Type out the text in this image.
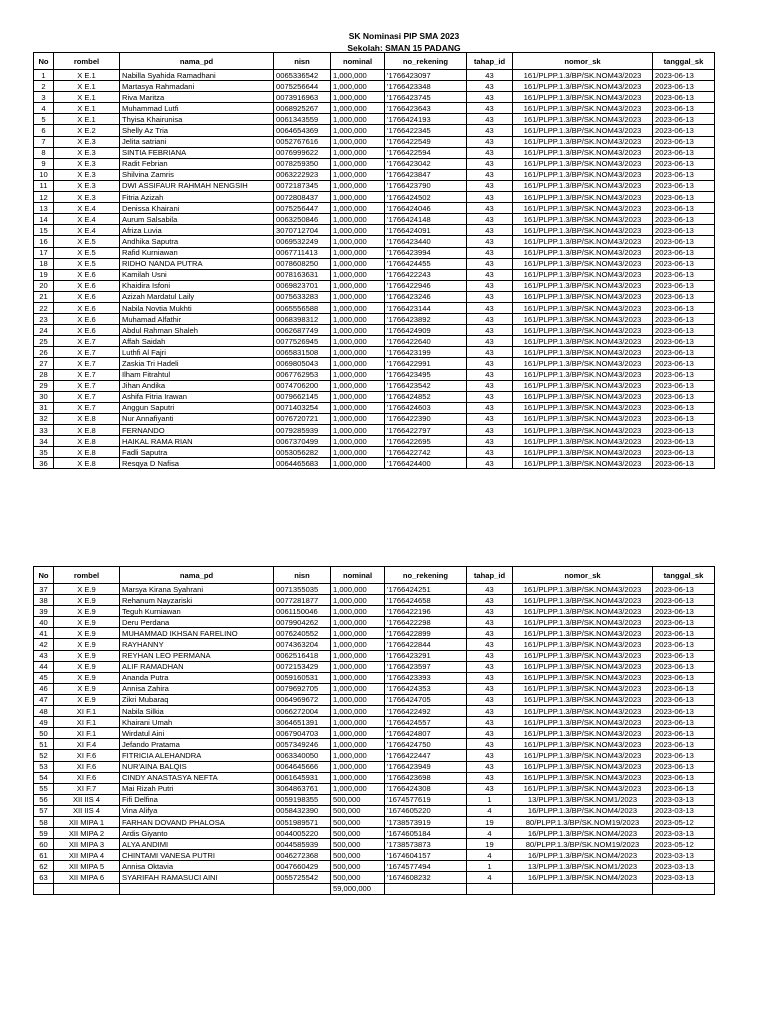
SK Nominasi PIP SMA 2023
Sekolah: SMAN 15 PADANG
No	rombel	nama_pd	nisn	nominal	no_rekening	tahap_id	nomor_sk	tanggal_sk
1	X E.1	Nabilla Syahida Ramadhani	0065336542	1,000,000	'1766423097	43	161/PLPP.1.3/BP/SK.NOM43/2023	2023-06-13
2	X E.1	Martasya Rahmadani	0075256644	1,000,000	'1766423348	43	161/PLPP.1.3/BP/SK.NOM43/2023	2023-06-13
3	X E.1	Riva Maritza	0073916963	1,000,000	'1766423745	43	161/PLPP.1.3/BP/SK.NOM43/2023	2023-06-13
4	X E.1	Muhammad Lutfi	0068925267	1,000,000	'1766423643	43	161/PLPP.1.3/BP/SK.NOM43/2023	2023-06-13
5	X E.1	Thyisa Khairunisa	0061343559	1,000,000	'1766424193	43	161/PLPP.1.3/BP/SK.NOM43/2023	2023-06-13
6	X E.2	Shelly Az Tria	0064654369	1,000,000	'1766422345	43	161/PLPP.1.3/BP/SK.NOM43/2023	2023-06-13
7	X E.3	Jelita satriani	0052767616	1,000,000	'1766422549	43	161/PLPP.1.3/BP/SK.NOM43/2023	2023-06-13
8	X E.3	SINTIA FEBRIANA	0076999622	1,000,000	'1766422594	43	161/PLPP.1.3/BP/SK.NOM43/2023	2023-06-13
9	X E.3	Radit Febrian	0078259350	1,000,000	'1766423042	43	161/PLPP.1.3/BP/SK.NOM43/2023	2023-06-13
10	X E.3	Shilvina Zamris	0063222923	1,000,000	'1766423847	43	161/PLPP.1.3/BP/SK.NOM43/2023	2023-06-13
11	X E.3	DWI ASSIFAUR RAHMAH NENGSIH	0072187345	1,000,000	'1766423790	43	161/PLPP.1.3/BP/SK.NOM43/2023	2023-06-13
12	X E.3	Fitria Azizah	0072808437	1,000,000	'1766424502	43	161/PLPP.1.3/BP/SK.NOM43/2023	2023-06-13
13	X E.4	Denissa Khairani	0075256447	1,000,000	'1766424046	43	161/PLPP.1.3/BP/SK.NOM43/2023	2023-06-13
14	X E.4	Aurum Salsabila	0063250846	1,000,000	'1766424148	43	161/PLPP.1.3/BP/SK.NOM43/2023	2023-06-13
15	X E.4	Afriza Luvia	3070712704	1,000,000	'1766424091	43	161/PLPP.1.3/BP/SK.NOM43/2023	2023-06-13
16	X E.5	Andhika Saputra	0069532249	1,000,000	'1766423440	43	161/PLPP.1.3/BP/SK.NOM43/2023	2023-06-13
17	X E.5	Rafid Kurniawan	0067711413	1,000,000	'1766423994	43	161/PLPP.1.3/BP/SK.NOM43/2023	2023-06-13
18	X E.5	RIDHO NANDA PUTRA	0078608250	1,000,000	'1766424455	43	161/PLPP.1.3/BP/SK.NOM43/2023	2023-06-13
19	X E.6	Kamilah Usni	0078163631	1,000,000	'1766422243	43	161/PLPP.1.3/BP/SK.NOM43/2023	2023-06-13
20	X E.6	Khaidira Isfoni	0069823701	1,000,000	'1766422946	43	161/PLPP.1.3/BP/SK.NOM43/2023	2023-06-13
21	X E.6	Azizah Mardatul Laily	0075633283	1,000,000	'1766423246	43	161/PLPP.1.3/BP/SK.NOM43/2023	2023-06-13
22	X E.6	Nabila Novtia Mukhti	0065556588	1,000,000	'1766423144	43	161/PLPP.1.3/BP/SK.NOM43/2023	2023-06-13
23	X E.6	Muhamad Alfathir	0068398312	1,000,000	'1766423892	43	161/PLPP.1.3/BP/SK.NOM43/2023	2023-06-13
24	X E.6	Abdul Rahman Shaleh	0062687749	1,000,000	'1766424909	43	161/PLPP.1.3/BP/SK.NOM43/2023	2023-06-13
25	X E.7	Affah Saidah	0077526945	1,000,000	'1766422640	43	161/PLPP.1.3/BP/SK.NOM43/2023	2023-06-13
26	X E.7	Luthfi Al Fajri	0065831508	1,000,000	'1766423199	43	161/PLPP.1.3/BP/SK.NOM43/2023	2023-06-13
27	X E.7	Zaskia Tri Hadeli	0069805043	1,000,000	'1766422991	43	161/PLPP.1.3/BP/SK.NOM43/2023	2023-06-13
28	X E.7	Ilham Fitrahtul	0067762953	1,000,000	'1766423495	43	161/PLPP.1.3/BP/SK.NOM43/2023	2023-06-13
29	X E.7	Jihan Andika	0074706200	1,000,000	'1766423542	43	161/PLPP.1.3/BP/SK.NOM43/2023	2023-06-13
30	X E.7	Ashifa Fitria Irawan	0079662145	1,000,000	'1766424852	43	161/PLPP.1.3/BP/SK.NOM43/2023	2023-06-13
31	X E.7	Anggun Saputri	0071403254	1,000,000	'1766424603	43	161/PLPP.1.3/BP/SK.NOM43/2023	2023-06-13
32	X E.8	Nur Annafiyanti	0076720721	1,000,000	'1766422390	43	161/PLPP.1.3/BP/SK.NOM43/2023	2023-06-13
33	X E.8	FERNANDO	0079285939	1,000,000	'1766422797	43	161/PLPP.1.3/BP/SK.NOM43/2023	2023-06-13
34	X E.8	HAIKAL RAMA RIAN	0067370499	1,000,000	'1766422695	43	161/PLPP.1.3/BP/SK.NOM43/2023	2023-06-13
35	X E.8	Fadli Saputra	0053056282	1,000,000	'1766422742	43	161/PLPP.1.3/BP/SK.NOM43/2023	2023-06-13
36	X E.8	Resqya D Nafisa	0064465683	1,000,000	'1766424400	43	161/PLPP.1.3/BP/SK.NOM43/2023	2023-06-13
No	rombel	nama_pd	nisn	nominal	no_rekening	tahap_id	nomor_sk	tanggal_sk
37	X E.9	Marsya Kirana Syahrani	0071355035	1,000,000	'1766424251	43	161/PLPP.1.3/BP/SK.NOM43/2023	2023-06-13
38	X E.9	Rehanum Nayzariski	0077281877	1,000,000	'1766424658	43	161/PLPP.1.3/BP/SK.NOM43/2023	2023-06-13
39	X E.9	Teguh Kurniawan	0061150046	1,000,000	'1766422196	43	161/PLPP.1.3/BP/SK.NOM43/2023	2023-06-13
40	X E.9	Deru Perdana	0079904262	1,000,000	'1766422298	43	161/PLPP.1.3/BP/SK.NOM43/2023	2023-06-13
41	X E.9	MUHAMMAD IKHSAN FARELINO	0076240552	1,000,000	'1766422899	43	161/PLPP.1.3/BP/SK.NOM43/2023	2023-06-13
42	X E.9	RAYHANNY	0074363204	1,000,000	'1766422844	43	161/PLPP.1.3/BP/SK.NOM43/2023	2023-06-13
43	X E.9	REYHAN LEO PERMANA	0062516418	1,000,000	'1766423291	43	161/PLPP.1.3/BP/SK.NOM43/2023	2023-06-13
44	X E.9	ALIF RAMADHAN	0072153429	1,000,000	'1766423597	43	161/PLPP.1.3/BP/SK.NOM43/2023	2023-06-13
45	X E.9	Ananda Putra	0059160531	1,000,000	'1766423393	43	161/PLPP.1.3/BP/SK.NOM43/2023	2023-06-13
46	X E.9	Annisa Zahira	0079692705	1,000,000	'1766424353	43	161/PLPP.1.3/BP/SK.NOM43/2023	2023-06-13
47	X E.9	Zikri Mubaraq	0064969672	1,000,000	'1766424705	43	161/PLPP.1.3/BP/SK.NOM43/2023	2023-06-13
48	XI F.1	Nabila Silkia	0066272004	1,000,000	'1766422492	43	161/PLPP.1.3/BP/SK.NOM43/2023	2023-06-13
49	XI F.1	Khairani Umah	3064651391	1,000,000	'1766424557	43	161/PLPP.1.3/BP/SK.NOM43/2023	2023-06-13
50	XI F.1	Wirdatul Aini	0067904703	1,000,000	'1766424807	43	161/PLPP.1.3/BP/SK.NOM43/2023	2023-06-13
51	XI F.4	Jefando Pratama	0057349246	1,000,000	'1766424750	43	161/PLPP.1.3/BP/SK.NOM43/2023	2023-06-13
52	XI F.6	FITRICIA ALEHANDRA	0063340050	1,000,000	'1766422447	43	161/PLPP.1.3/BP/SK.NOM43/2023	2023-06-13
53	XI F.6	NUR'AINA BALQIS	0064645666	1,000,000	'1766423949	43	161/PLPP.1.3/BP/SK.NOM43/2023	2023-06-13
54	XI F.6	CINDY ANASTASYA NEFTA	0061645931	1,000,000	'1766423698	43	161/PLPP.1.3/BP/SK.NOM43/2023	2023-06-13
55	XI F.7	Mai Rizah Putri	3064863761	1,000,000	'1766424308	43	161/PLPP.1.3/BP/SK.NOM43/2023	2023-06-13
56	XII IIS 4	Fifi Delfina	0059198355	500,000	'1674577619	1	13/PLPP.1.3/BP/SK.NOM1/2023	2023-03-13
57	XII IIS 4	Vina Alifya	0058432390	500,000	'1674605220	4	16/PLPP.1.3/BP/SK.NOM4/2023	2023-03-13
58	XII MIPA 1	FARHAN DOVAND PHALOSA	0051989571	500,000	'1738573919	19	80/PLPP.1.3/BP/SK.NOM19/2023	2023-05-12
59	XII MIPA 2	Ardis Giyanto	0044005220	500,000	'1674605184	4	16/PLPP.1.3/BP/SK.NOM4/2023	2023-03-13
60	XII MIPA 3	ALYA ANDIMI	0044585939	500,000	'1738573873	19	80/PLPP.1.3/BP/SK.NOM19/2023	2023-05-12
61	XII MIPA 4	CHINTAMI VANESA PUTRI	0046272368	500,000	'1674604157	4	16/PLPP.1.3/BP/SK.NOM4/2023	2023-03-13
62	XII MIPA 5	Annisa Oktavia	0047660429	500,000	'1674577494	1	13/PLPP.1.3/BP/SK.NOM1/2023	2023-03-13
63	XII MIPA 6	SYARIFAH RAMASUCI AINI	0055725542	500,000	'1674608232	4	16/PLPP.1.3/BP/SK.NOM4/2023	2023-03-13
				59,000,000				
